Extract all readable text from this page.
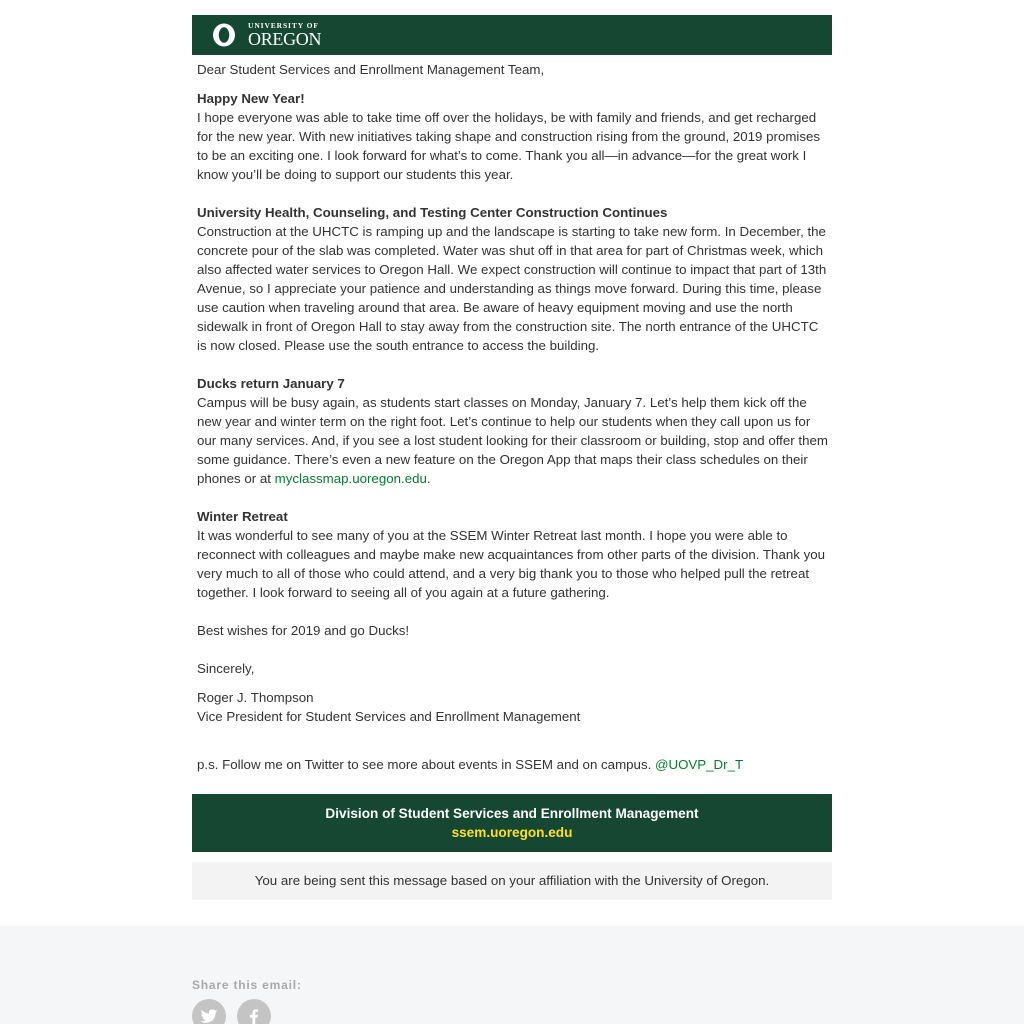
UNIVERSITY OF
OREGON

Dear Student Services and Enrollment Management Team,

Happy New Year!

I hope everyone was able to take time off over the holidays, be with family and friends, and get recharged for the new year. With new initiatives taking shape and construction rising from the ground, 2019 promises to be an exciting one. I look forward for what’s to come. Thank you all—in advance—for the great work I know you’ll be doing to support our students this year.

University Health, Counseling, and Testing Center Construction Continues

Construction at the UHCTC is ramping up and the landscape is starting to take new form. In December, the concrete pour of the slab was completed. Water was shut off in that area for part of Christmas week, which also affected water services to Oregon Hall. We expect construction will continue to impact that part of 13th Avenue, so I appreciate your patience and understanding as things move forward. During this time, please use caution when traveling around that area. Be aware of heavy equipment moving and use the north sidewalk in front of Oregon Hall to stay away from the construction site. The north entrance of the UHCTC is now closed. Please use the south entrance to access the building.

Ducks return January 7

Campus will be busy again, as students start classes on Monday, January 7. Let’s help them kick off the new year and winter term on the right foot. Let’s continue to help our students when they call upon us for our many services. And, if you see a lost student looking for their classroom or building, stop and offer them some guidance. There’s even a new feature on the Oregon App that maps their class schedules on their phones or at myclassmap.uoregon.edu.

Winter Retreat

It was wonderful to see many of you at the SSEM Winter Retreat last month. I hope you were able to reconnect with colleagues and maybe make new acquaintances from other parts of the division. Thank you very much to all of those who could attend, and a very big thank you to those who helped pull the retreat together. I look forward to seeing all of you again at a future gathering.

Best wishes for 2019 and go Ducks!

Sincerely,

Roger J. Thompson

Vice President for Student Services and Enrollment Management

p.s. Follow me on Twitter to see more about events in SSEM and on campus. @UOVP_Dr_T

Division of Student Services and Enrollment Management
ssem.uoregon.edu
You are being sent this message based on your affiliation with the University of Oregon.
Share this email:
